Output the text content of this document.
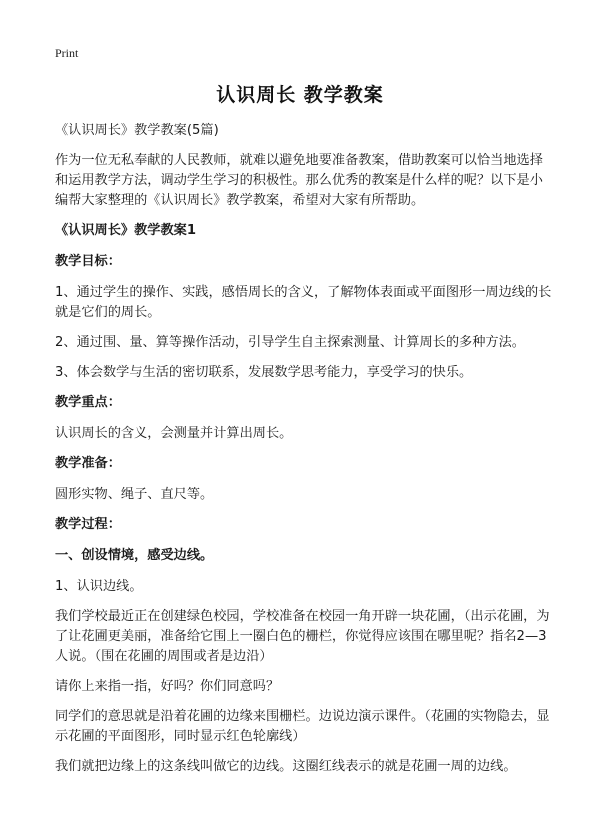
Print
认识周长 教学教案

《认识周长》教学教案(5篇)

作为一位无私奉献的人民教师，就难以避免地要准备教案，借助教案可以恰当地选择和运用教学方法，调动学生学习的积极性。那么优秀的教案是什么样的呢？以下是小编帮大家整理的《认识周长》教学教案，希望对大家有所帮助。

《认识周长》教学教案1

教学目标：

1、通过学生的操作、实践，感悟周长的含义，了解物体表面或平面图形一周边线的长就是它们的周长。

2、通过围、量、算等操作活动，引导学生自主探索测量、计算周长的多种方法。

3、体会数学与生活的密切联系，发展数学思考能力，享受学习的快乐。

教学重点：

认识周长的含义，会测量并计算出周长。

教学准备：

圆形实物、绳子、直尺等。

教学过程：

一、创设情境，感受边线。

1、认识边线。

我们学校最近正在创建绿色校园，学校准备在校园一角开辟一块花圃，（出示花圃，为了让花圃更美丽，准备给它围上一圈白色的栅栏，你觉得应该围在哪里呢？指名2—3人说。（围在花圃的周围或者是边沿）

请你上来指一指，好吗？你们同意吗？

同学们的意思就是沿着花圃的边缘来围栅栏。边说边演示课件。（花圃的实物隐去，显示花圃的平面图形，同时显示红色轮廓线）

我们就把边缘上的这条线叫做它的边线。这圈红线表示的就是花圃一周的边线。
